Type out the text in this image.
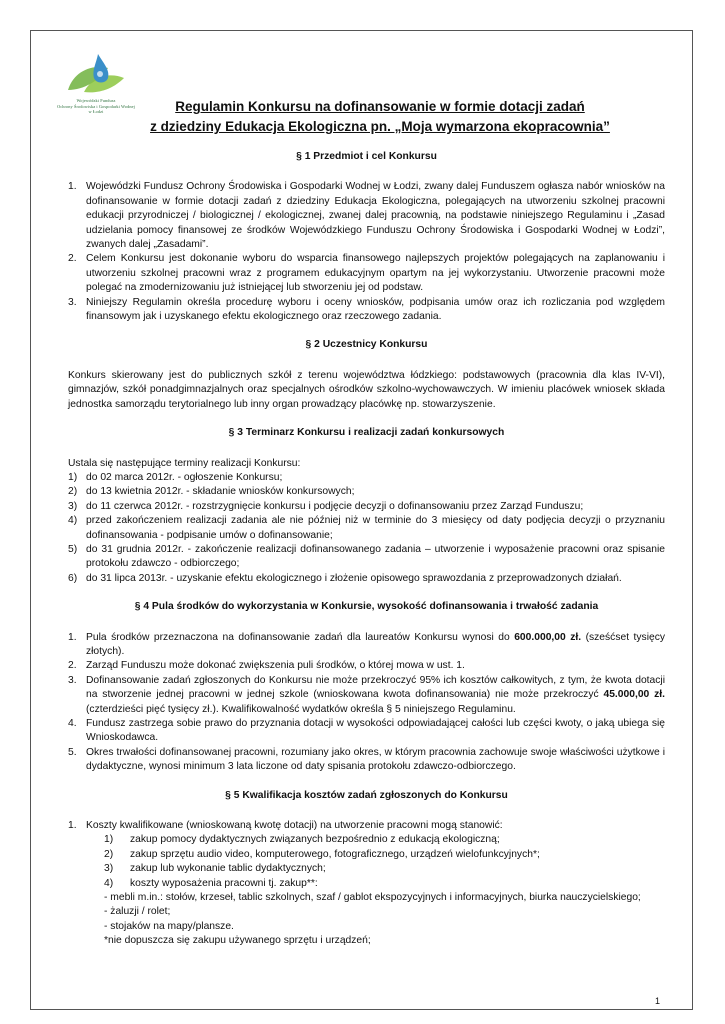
Wojewódzki Fundusz
Ochrony Środowiska i Gospodarki Wodnej
w Łodzi	Regulamin Konkursu na dofinansowanie w formie dotacji zadań
z dziedziny Edukacja Ekologiczna pn. „Moja wymarzona ekopracownia”
§ 1 Przedmiot i cel Konkursu
1. Wojewódzki Fundusz Ochrony Środowiska i Gospodarki Wodnej w Łodzi, zwany dalej Funduszem ogłasza nabór wniosków na dofinansowanie w formie dotacji zadań z dziedziny Edukacja Ekologiczna, polegających na utworzeniu szkolnej pracowni edukacji przyrodniczej / biologicznej / ekologicznej, zwanej dalej pracownią, na podstawie niniejszego Regulaminu i „Zasad udzielania pomocy finansowej ze środków Wojewódzkiego Funduszu Ochrony Środowiska i Gospodarki Wodnej w Łodzi”, zwanych dalej „Zasadami”.
2. Celem Konkursu jest dokonanie wyboru do wsparcia finansowego najlepszych projektów polegających na zaplanowaniu i utworzeniu szkolnej pracowni wraz z programem edukacyjnym opartym na jej wykorzystaniu. Utworzenie pracowni może polegać na zmodernizowaniu już istniejącej lub stworzeniu jej od podstaw.
3. Niniejszy Regulamin określa procedurę wyboru i oceny wniosków, podpisania umów oraz ich rozliczania pod względem finansowym jak i uzyskanego efektu ekologicznego oraz rzeczowego zadania.
§ 2 Uczestnicy Konkursu

Konkurs skierowany jest do publicznych szkół z terenu województwa łódzkiego: podstawowych (pracownia dla klas IV-VI), gimnazjów, szkół ponadgimnazjalnych oraz specjalnych ośrodków szkolno-wychowawczych. W imieniu placówek wniosek składa jednostka samorządu terytorialnego lub inny organ prowadzący placówkę np. stowarzyszenie.

§ 3 Terminarz Konkursu i realizacji zadań konkursowych

Ustala się następujące terminy realizacji Konkursu:

1) do 02 marca 2012r. - ogłoszenie Konkursu;
2) do 13 kwietnia 2012r. - składanie wniosków konkursowych;
3) do 11 czerwca 2012r. - rozstrzygnięcie konkursu i podjęcie decyzji o dofinansowaniu przez Zarząd Funduszu;
4) przed zakończeniem realizacji zadania ale nie później niż w terminie do 3 miesięcy od daty podjęcia decyzji o przyznaniu dofinansowania - podpisanie umów o dofinansowanie;
5) do 31 grudnia 2012r. - zakończenie realizacji dofinansowanego zadania – utworzenie i wyposażenie pracowni oraz spisanie protokołu zdawczo - odbiorczego;
6) do 31 lipca 2013r. - uzyskanie efektu ekologicznego i złożenie opisowego sprawozdania z przeprowadzonych działań.
§ 4 Pula środków do wykorzystania w Konkursie, wysokość dofinansowania i trwałość zadania
1. Pula środków przeznaczona na dofinansowanie zadań dla laureatów Konkursu wynosi do 600.000,00 zł. (sześćset tysięcy złotych).
2. Zarząd Funduszu może dokonać zwiększenia puli środków, o której mowa w ust. 1.
3. Dofinansowanie zadań zgłoszonych do Konkursu nie może przekroczyć 95% ich kosztów całkowitych, z tym, że kwota dotacji na stworzenie jednej pracowni w jednej szkole (wnioskowana kwota dofinansowania) nie może przekroczyć 45.000,00 zł. (czterdzieści pięć tysięcy zł.). Kwalifikowalność wydatków określa § 5 niniejszego Regulaminu.
4. Fundusz zastrzega sobie prawo do przyznania dotacji w wysokości odpowiadającej całości lub części kwoty, o jaką ubiega się Wnioskodawca.
5. Okres trwałości dofinansowanej pracowni, rozumiany jako okres, w którym pracownia zachowuje swoje właściwości użytkowe i dydaktyczne, wynosi minimum 3 lata liczone od daty spisania protokołu zdawczo-odbiorczego.
§ 5 Kwalifikacja kosztów zadań zgłoszonych do Konkursu
1. Koszty kwalifikowane (wnioskowaną kwotę dotacji) na utworzenie pracowni mogą stanowić:
1)	zakup pomocy dydaktycznych związanych bezpośrednio z edukacją ekologiczną;
2)	zakup sprzętu audio video, komputerowego, fotograficznego, urządzeń wielofunkcyjnych*;
3)	zakup lub wykonanie tablic dydaktycznych;
4)	koszty wyposażenia pracowni tj. zakup**:
- mebli m.in.: stołów, krzeseł, tablic szkolnych, szaf / gablot ekspozycyjnych i informacyjnych, biurka nauczycielskiego;
- żaluzji / rolet;
- stojaków na mapy/plansze.
*nie dopuszcza się zakupu używanego sprzętu i urządzeń;
1
